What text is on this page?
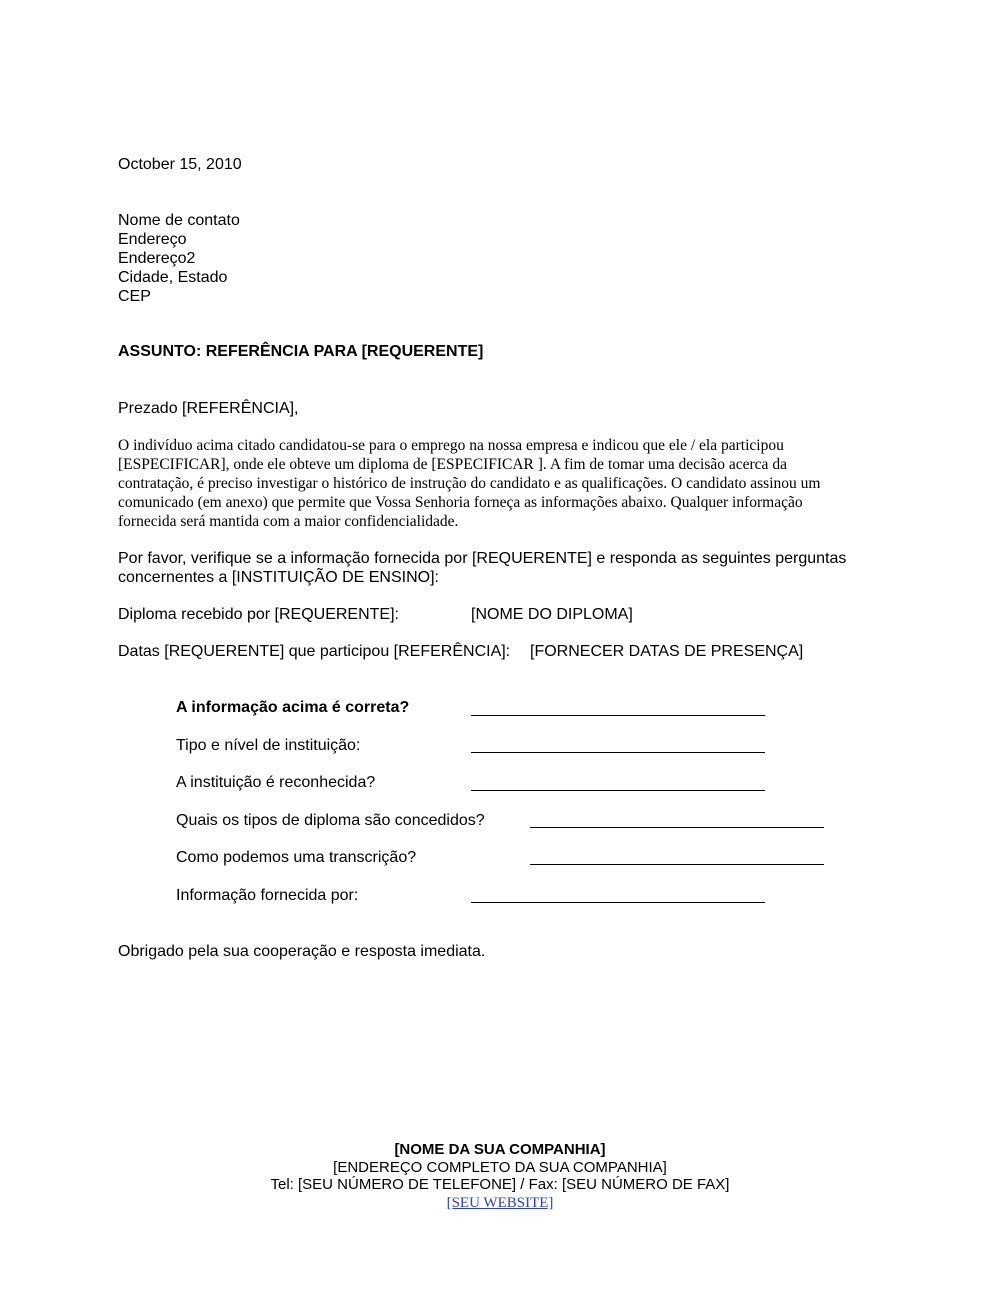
October 15, 2010
Nome de contato
Endereço
Endereço2
Cidade, Estado
CEP
ASSUNTO: REFERÊNCIA PARA [REQUERENTE]
Prezado [REFERÊNCIA],
O indivíduo acima citado candidatou-se para o emprego na nossa empresa e indicou que ele / ela participou
[ESPECIFICAR], onde ele obteve um diploma de [ESPECIFICAR ]. A fim de tomar uma decisão acerca da
contratação, é preciso investigar o histórico de instrução do candidato e as qualificações. O candidato assinou um
comunicado (em anexo) que permite que Vossa Senhoria forneça as informações abaixo. Qualquer informação
fornecida será mantida com a maior confidencialidade.
Por favor, verifique se a informação fornecida por [REQUERENTE] e responda as seguintes perguntas
concernentes a [INSTITUIÇÃO DE ENSINO]:
Diploma recebido por [REQUERENTE]:	[NOME DO DIPLOMA]
Datas [REQUERENTE] que participou [REFERÊNCIA]: [FORNECER DATAS DE PRESENÇA]
A informação acima é correta?
Tipo e nível de instituição:
A instituição é reconhecida?
Quais os tipos de diploma são concedidos?
Como podemos uma transcrição?
Informação fornecida por:
Obrigado pela sua cooperação e resposta imediata.
[NOME DA SUA COMPANHIA]
[ENDEREÇO COMPLETO DA SUA COMPANHIA]
Tel: [SEU NÚMERO DE TELEFONE] / Fax: [SEU NÚMERO DE FAX]
[SEU WEBSITE]
